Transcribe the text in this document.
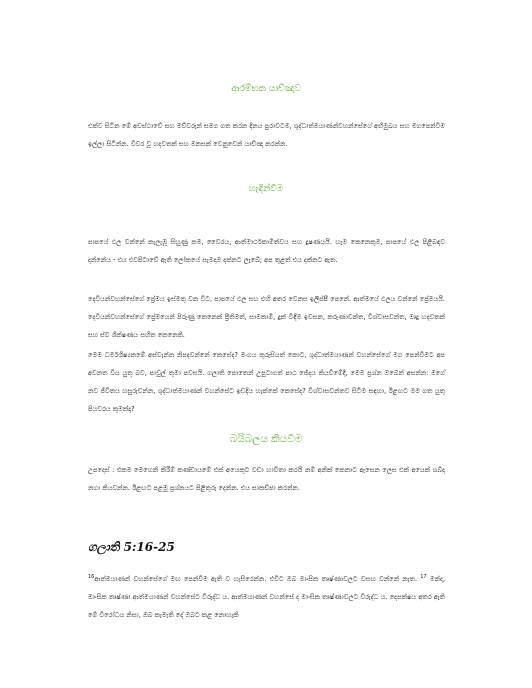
ආරම්භක යාච්ඤාව

එක්ව සිටින මේ අවස්ථාවේ සහ මව්වරුන් සමග ගත කරන දිනය පුරාවටම, ශුද්ධාත්මයාණන්වහන්සේගේ අභිමුඛය සහ මගපෙන්වීම ඉල්ලා සිටින්න. විවර වූ හදවතක් සහ මනසක් වෙනුවෙන් යාච්ඤා කරන්න.

හැඳින්වීම

පාපයේ ඵල වන්නේ කැලැඹූ සිහුණු කම, වෛරය, ආත්මාර්ථකාමීත්වය සහ දුෂණයයි. හැම කෙනෙකුම, පාපයේ ඵල පිළිබඳව දන්නේය - එය එවපිටාවේ ඇති ලෝකයේ සැමදාම දක්නට ලැබේ; අප තුළත් එය දක්නට ඇත.

දෙවියන්වහන්සේගේ ප්‍රේමය ඉස්මතු වන විට, පාපයේ ඵල සහ එහි අතර වෙනස ඉලිප්පී පෙනේ. ආත්මයේ ඵලය වන්නේ ප්‍රේමයයි. දෙවියන්වහන්සේගේ ප්‍රේමයෙන් පිරුණු කෙනෙක් ප්‍රීතිමත්, සාමකාමී, දුක් විඳීම ඉවසන, කරුණාවන්ත, විශ්වාසවන්ත, මෘදු හදවතක් සහ ස්ව ශික්ෂණය සහිත කෙනෙකි.

මෙම ධර්මශිෂ්‍යකමේ අස්වැන්න නිපදවන්නේ කෙසේද? මංගය කුරුසියත් කොට, ශුද්ධාත්මයාණන් වහන්සේගේ මග පෙන්වීමට අප අවනත විය යුතු බව, පාවුල් තුමා පවසයි. ගලාති පොතෙන් උපුටාගත් පාඨ ජේදය කියවීමේදී, මෙම ප්‍රශ්න ඔබෙන් අසන්න: මගේ නව ජීවිතය හසුරුවන්න, ශුද්ධාත්මයාණන් වහන්සේට ඉඩදිය හැක්කේ කෙසේද? විශ්වාසවන්තව සිටීම සඳහා, ඊළඟට මම ගත යුතු පියවරය කුමක්ද?

බයිබලය කියවීම

උපදෙස් : එකම මෙහෙනි කිරීම් කණ්ඩායමේ එක් අයෙකුට වඩා හාවිතා කරයි නම් අනික් කෙනාට ඇසෙන ලෙස එක් අයෙක් ශබ්ද නගා කියවන්න. ඊළඟට පළමු ප්‍රශ්නයට පිළිතුරු දෙන්න. එය සාකච්ඡා කරන්න.

ගලාති 5:16-25

$^{16}$ආත්මයාණන් වහන්සේගේ මඟ පෙන්වීම ඇති ව හැසිරෙන්න. එවිට ඔබ මාංසික තෘෂ්ණාවලට වසඟ වන්නේ නැත. $^{17}$ මන්ද, මාංසික තෘෂ්ණා ආත්මයාණන් වහන්සේට විරුද්ධ ය. ආත්මයාණන් වහන්සේ ද මාංසික තෘෂ්ණාවලට විරුද්ධ ය. දෙපක්ෂය අතර ඇති මේ විරෝධය නිසා, ඔබ කැමැති දේ ඔබට කළ නොහැකි
